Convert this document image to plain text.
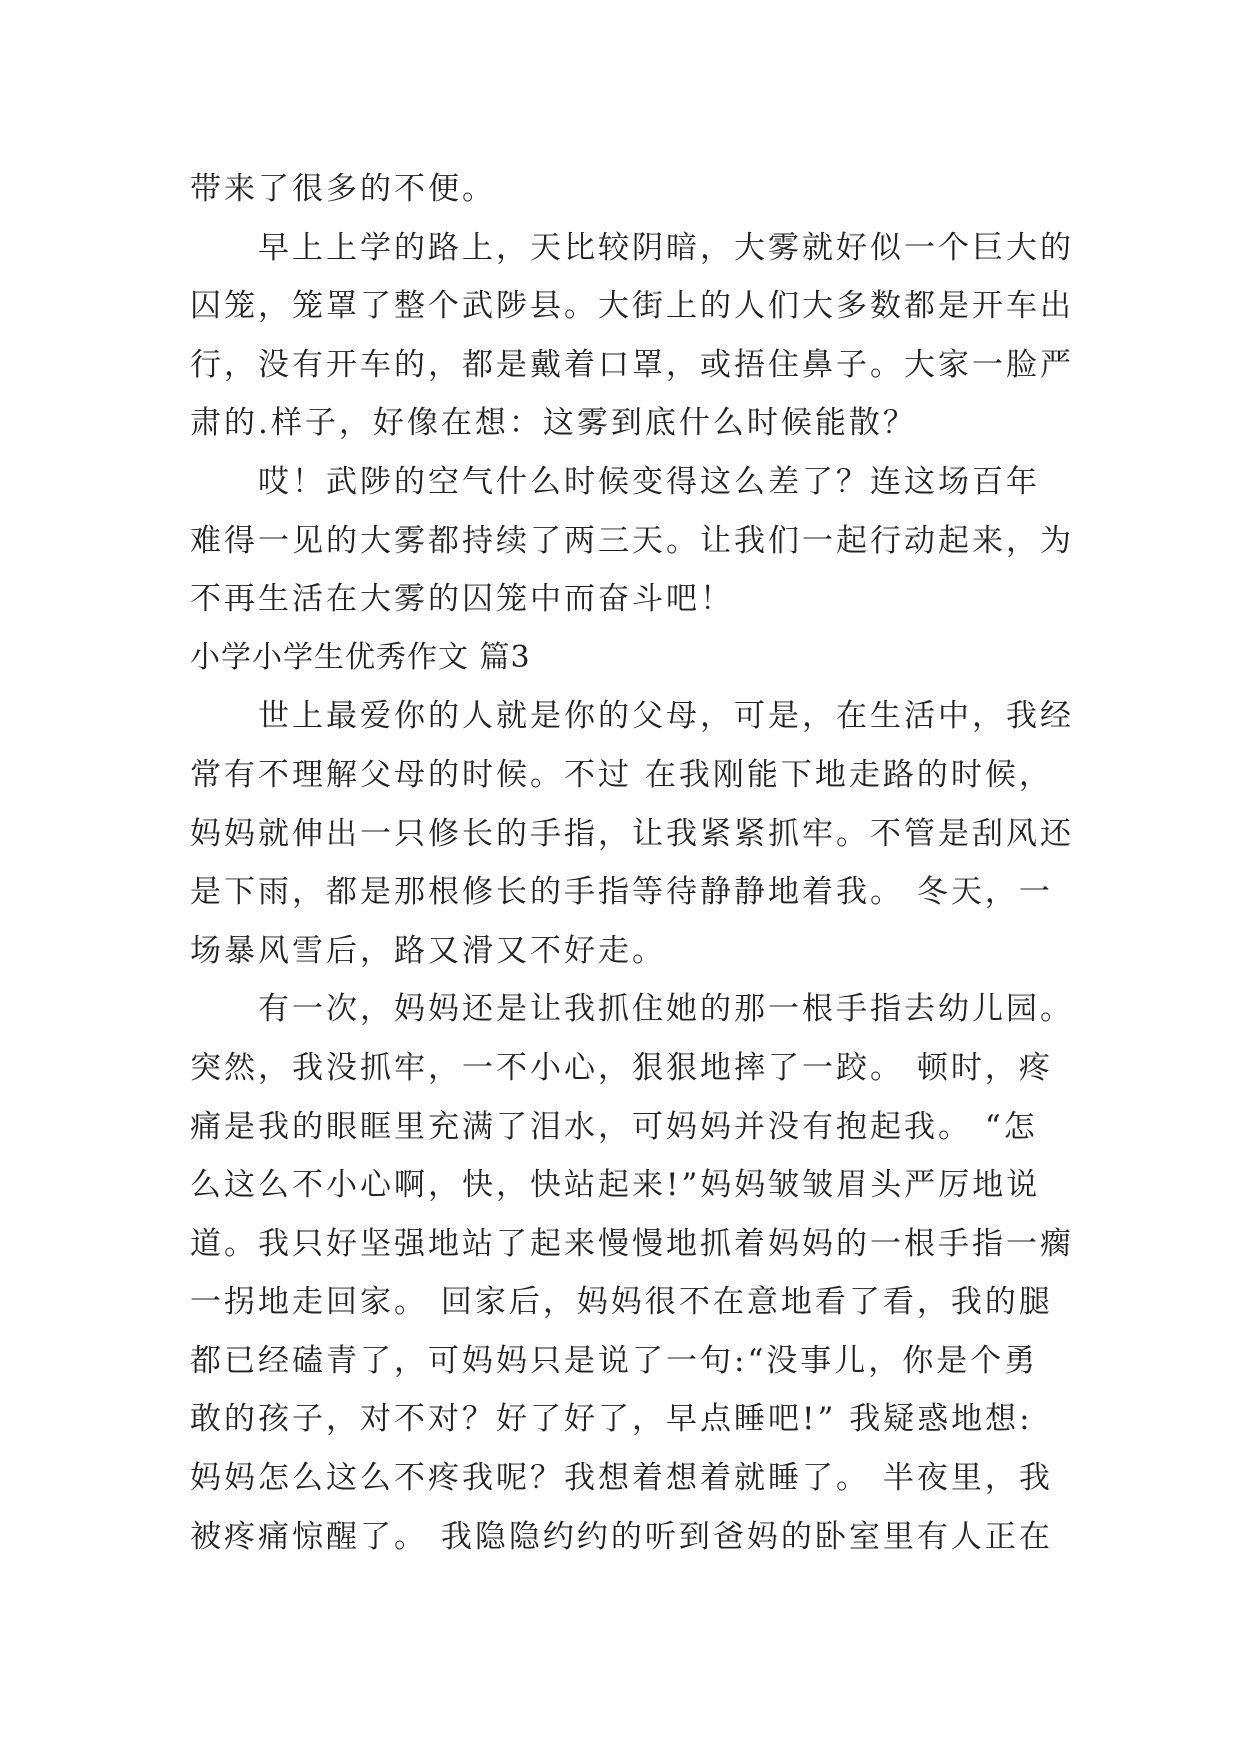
带来了很多的不便。
早上上学的路上，天比较阴暗，大雾就好似一个巨大的
囚笼，笼罩了整个武陟县。大街上的人们大多数都是开车出
行，没有开车的，都是戴着口罩，或捂住鼻子。大家一脸严
肃的.样子，好像在想：这雾到底什么时候能散？
哎！武陟的空气什么时候变得这么差了？连这场百年
难得一见的大雾都持续了两三天。让我们一起行动起来，为
不再生活在大雾的囚笼中而奋斗吧！
小学小学生优秀作文 篇3
世上最爱你的人就是你的父母，可是，在生活中，我经
常有不理解父母的时候。不过 在我刚能下地走路的时候，
妈妈就伸出一只修长的手指，让我紧紧抓牢。不管是刮风还
是下雨，都是那根修长的手指等待静静地着我。 冬天，一
场暴风雪后，路又滑又不好走。
有一次，妈妈还是让我抓住她的那一根手指去幼儿园。
突然，我没抓牢，一不小心，狠狠地摔了一跤。 顿时，疼
痛是我的眼眶里充满了泪水，可妈妈并没有抱起我。 “怎
么这么不小心啊，快，快站起来!”妈妈皱皱眉头严厉地说
道。我只好坚强地站了起来慢慢地抓着妈妈的一根手指一瘸
一拐地走回家。 回家后，妈妈很不在意地看了看，我的腿
都已经磕青了，可妈妈只是说了一句:“没事儿，你是个勇
敢的孩子，对不对？好了好了，早点睡吧!” 我疑惑地想:
妈妈怎么这么不疼我呢？我想着想着就睡了。 半夜里，我
被疼痛惊醒了。 我隐隐约约的听到爸妈的卧室里有人正在
